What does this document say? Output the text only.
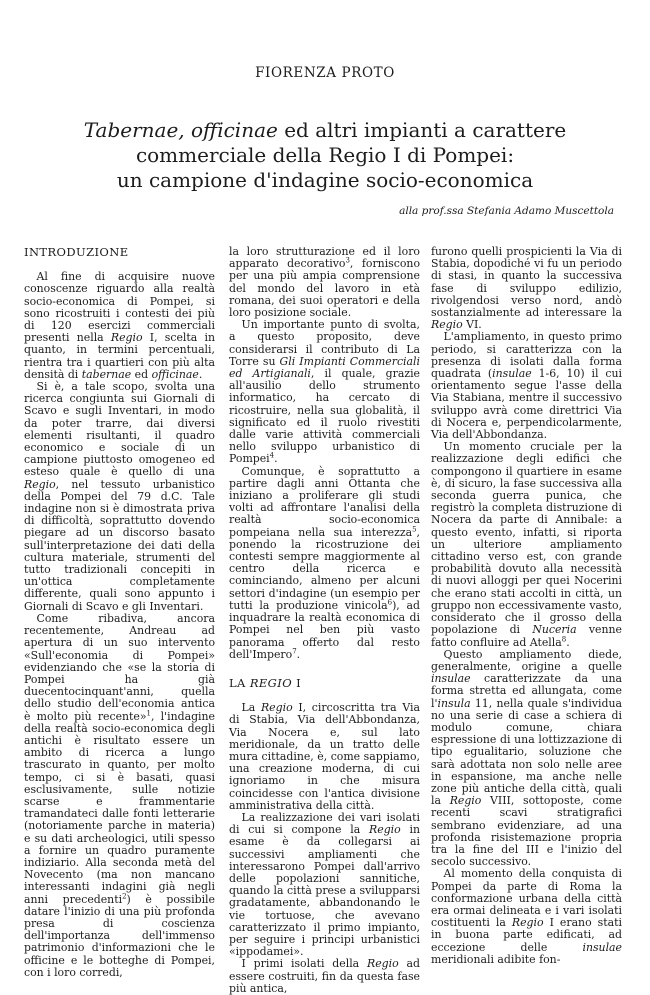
FIORENZA PROTO
Tabernae, officinae ed altri impianti a carattere
commerciale della Regio I di Pompei:
un campione d'indagine socio-economica
alla prof.ssa Stefania Adamo Muscettola
INTRODUZIONE

Al fine di acquisire nuove conoscenze riguardo alla realtà socio-economica di Pompei, si sono ricostruiti i contesti dei più di 120 esercizi commerciali presenti nella Regio I, scelta in quanto, in termini percentuali, rientra tra i quartieri con più alta densità di tabernae ed officinae.

Si è, a tale scopo, svolta una ricerca congiunta sui Giornali di Scavo e sugli Inventari, in modo da poter trarre, dai diversi elementi risultanti, il quadro economico e sociale di un campione piuttosto omogeneo ed esteso quale è quello di una Regio, nel tessuto urbanistico della Pompei del 79 d.C. Tale indagine non si è dimostrata priva di difficoltà, soprattutto dovendo piegare ad un discorso basato sull'interpretazione dei dati della cultura materiale, strumenti del tutto tradizionali concepiti in un'ottica completamente differente, quali sono appunto i Giornali di Scavo e gli Inventari.

Come ribadiva, ancora recentemente, Andreau ad apertura di un suo intervento «Sull'economia di Pompei» evidenziando che «se la storia di Pompei ha già duecentocinquant'anni, quella dello studio dell'economia antica è molto più recente»$^1$, l'indagine della realtà socio-economica degli antichi è risultato essere un ambito di ricerca a lungo trascurato in quanto, per molto tempo, ci si è basati, quasi esclusivamente, sulle notizie scarse e frammentarie tramandateci dalle fonti letterarie (notoriamente parche in materia) e su dati archeologici, utili spesso a fornire un quadro puramente indiziario. Alla seconda metà del Novecento (ma non mancano interessanti indagini già negli anni precedenti$^2$) è possibile datare l'inizio di una più profonda presa di coscienza dell'importanza dell'immenso patrimonio d'informazioni che le officine e le botteghe di Pompei, con i loro corredi,

la loro strutturazione ed il loro apparato decorativo$^3$, forniscono per una più ampia comprensione del mondo del lavoro in età romana, dei suoi operatori e della loro posizione sociale.

Un importante punto di svolta, a questo proposito, deve considerarsi il contributo di La Torre su Gli Impianti Commerciali ed Artigianali, il quale, grazie all'ausilio dello strumento informatico, ha cercato di ricostruire, nella sua globalità, il significato ed il ruolo rivestiti dalle varie attività commerciali nello sviluppo urbanistico di Pompei$^4$.

Comunque, è soprattutto a partire dagli anni Ottanta che iniziano a proliferare gli studi volti ad affrontare l'analisi della realtà socio-economica pompeiana nella sua interezza$^5$, ponendo la ricostruzione dei contesti sempre maggiormente al centro della ricerca e cominciando, almeno per alcuni settori d'indagine (un esempio per tutti la produzione vinicola$^6$), ad inquadrare la realtà economica di Pompei nel ben più vasto panorama offerto dal resto dell'Impero$^7$.

LA REGIO I

La Regio I, circoscritta tra Via di Stabia, Via dell'Abbondanza, Via Nocera e, sul lato meridionale, da un tratto delle mura cittadine, è, come sappiamo, una creazione moderna, di cui ignoriamo in che misura coincidesse con l'antica divisione amministrativa della città.

La realizzazione dei vari isolati di cui si compone la Regio in esame è da collegarsi ai successivi ampliamenti che interessarono Pompei dall'arrivo delle popolazioni sannitiche, quando la città prese a svilupparsi gradatamente, abbandonando le vie tortuose, che avevano caratterizzato il primo impianto, per seguire i principi urbanistici «ippodamei».

I primi isolati della Regio ad essere costruiti, fin da questa fase più antica,

furono quelli prospicienti la Via di Stabia, dopodiché vi fu un periodo di stasi, in quanto la successiva fase di sviluppo edilizio, rivolgendosi verso nord, andò sostanzialmente ad interessare la Regio VI.

L'ampliamento, in questo primo periodo, si caratterizza con la presenza di isolati dalla forma quadrata (insulae 1-6, 10) il cui orientamento segue l'asse della Via Stabiana, mentre il successivo sviluppo avrà come direttrici Via di Nocera e, perpendicolarmente, Via dell'Abbondanza.

Un momento cruciale per la realizzazione degli edifici che compongono il quartiere in esame è, di sicuro, la fase successiva alla seconda guerra punica, che registrò la completa distruzione di Nocera da parte di Annibale: a questo evento, infatti, si riporta un ulteriore ampliamento cittadino verso est, con grande probabilità dovuto alla necessità di nuovi alloggi per quei Nocerini che erano stati accolti in città, un gruppo non eccessivamente vasto, considerato che il grosso della popolazione di Nuceria venne fatto confluire ad Atella$^8$.

Questo ampliamento diede, generalmente, origine a quelle insulae caratterizzate da una forma stretta ed allungata, come l'insula 11, nella quale s'individua no una serie di case a schiera di modulo comune, chiara espressione di una lottizzazione di tipo egualitario, soluzione che sarà adottata non solo nelle aree in espansione, ma anche nelle zone più antiche della città, quali la Regio VIII, sottoposte, come recenti scavi stratigrafici sembrano evidenziare, ad una profonda risistemazione propria tra la fine del III e l'inizio del secolo successivo.

Al momento della conquista di Pompei da parte di Roma la conformazione urbana della città era ormai delineata e i vari isolati costituenti la Regio I erano stati in buona parte edificati, ad eccezione delle insulae meridionali adibite fon-
